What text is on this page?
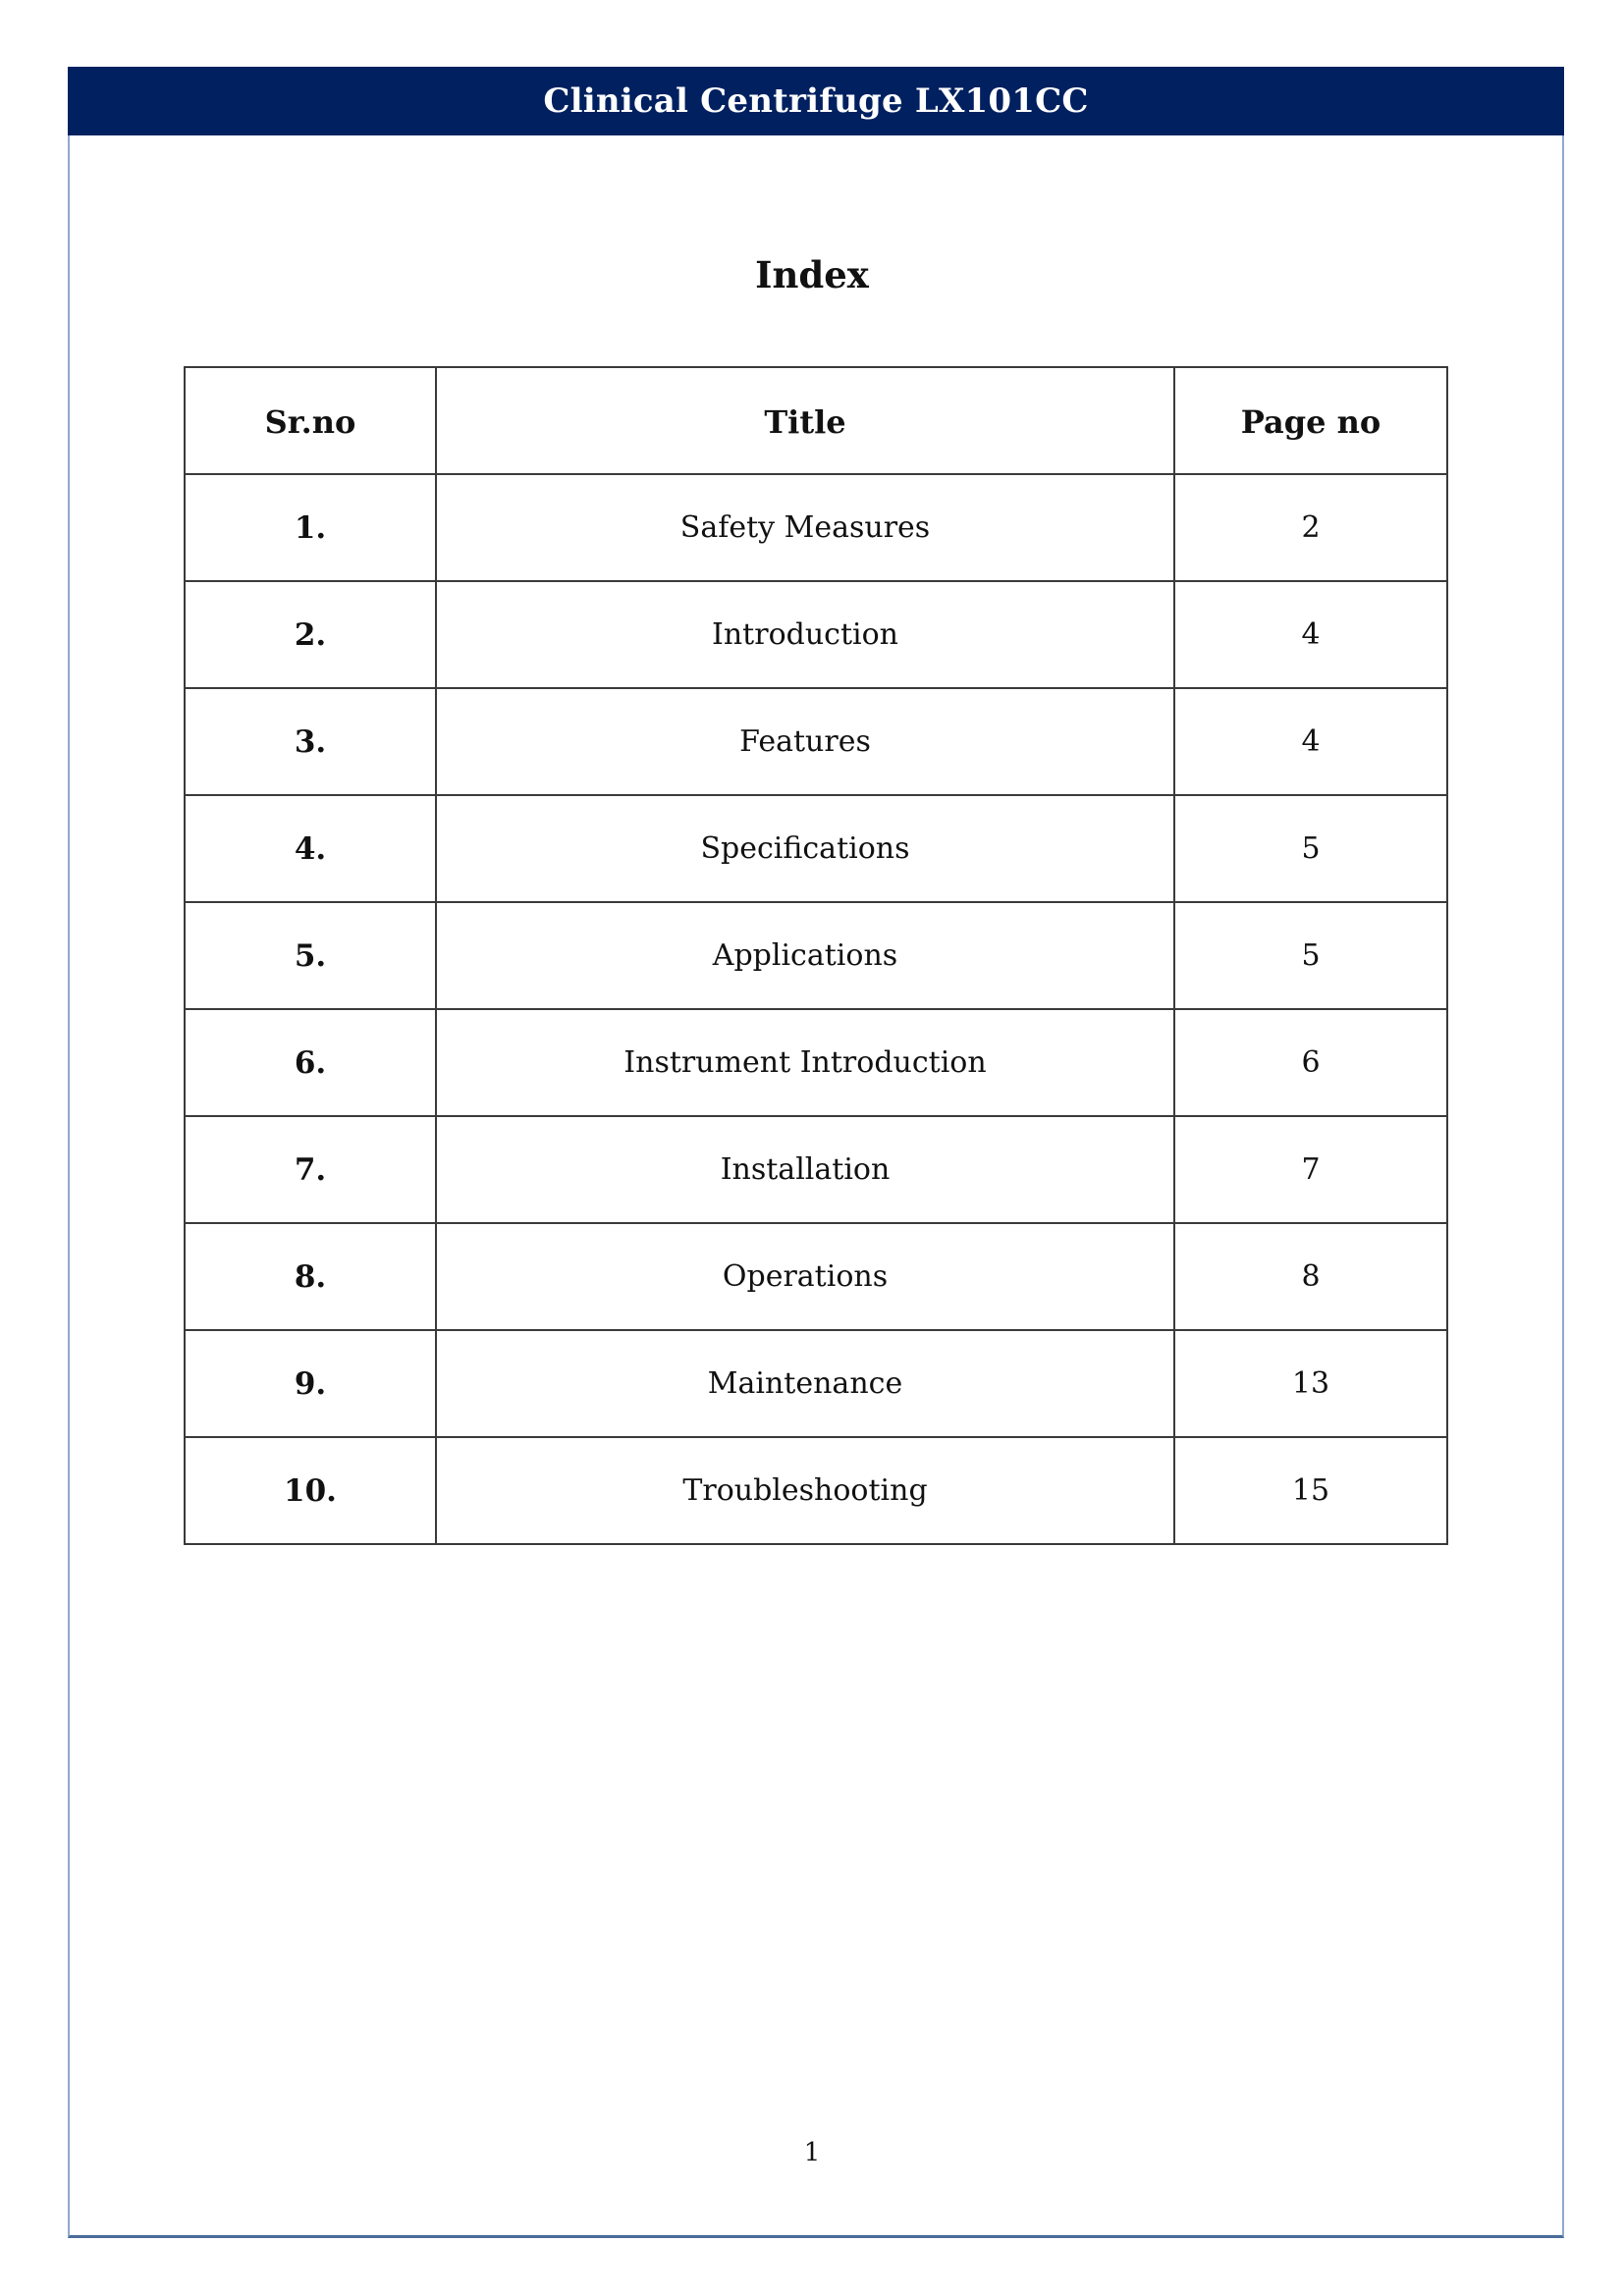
Clinical Centrifuge LX101CC
Index
Sr.no	Title	Page no
1.	Safety Measures	2
2.	Introduction	4
3.	Features	4
4.	Specifications	5
5.	Applications	5
6.	Instrument Introduction	6
7.	Installation	7
8.	Operations	8
9.	Maintenance	13
10.	Troubleshooting	15
1
